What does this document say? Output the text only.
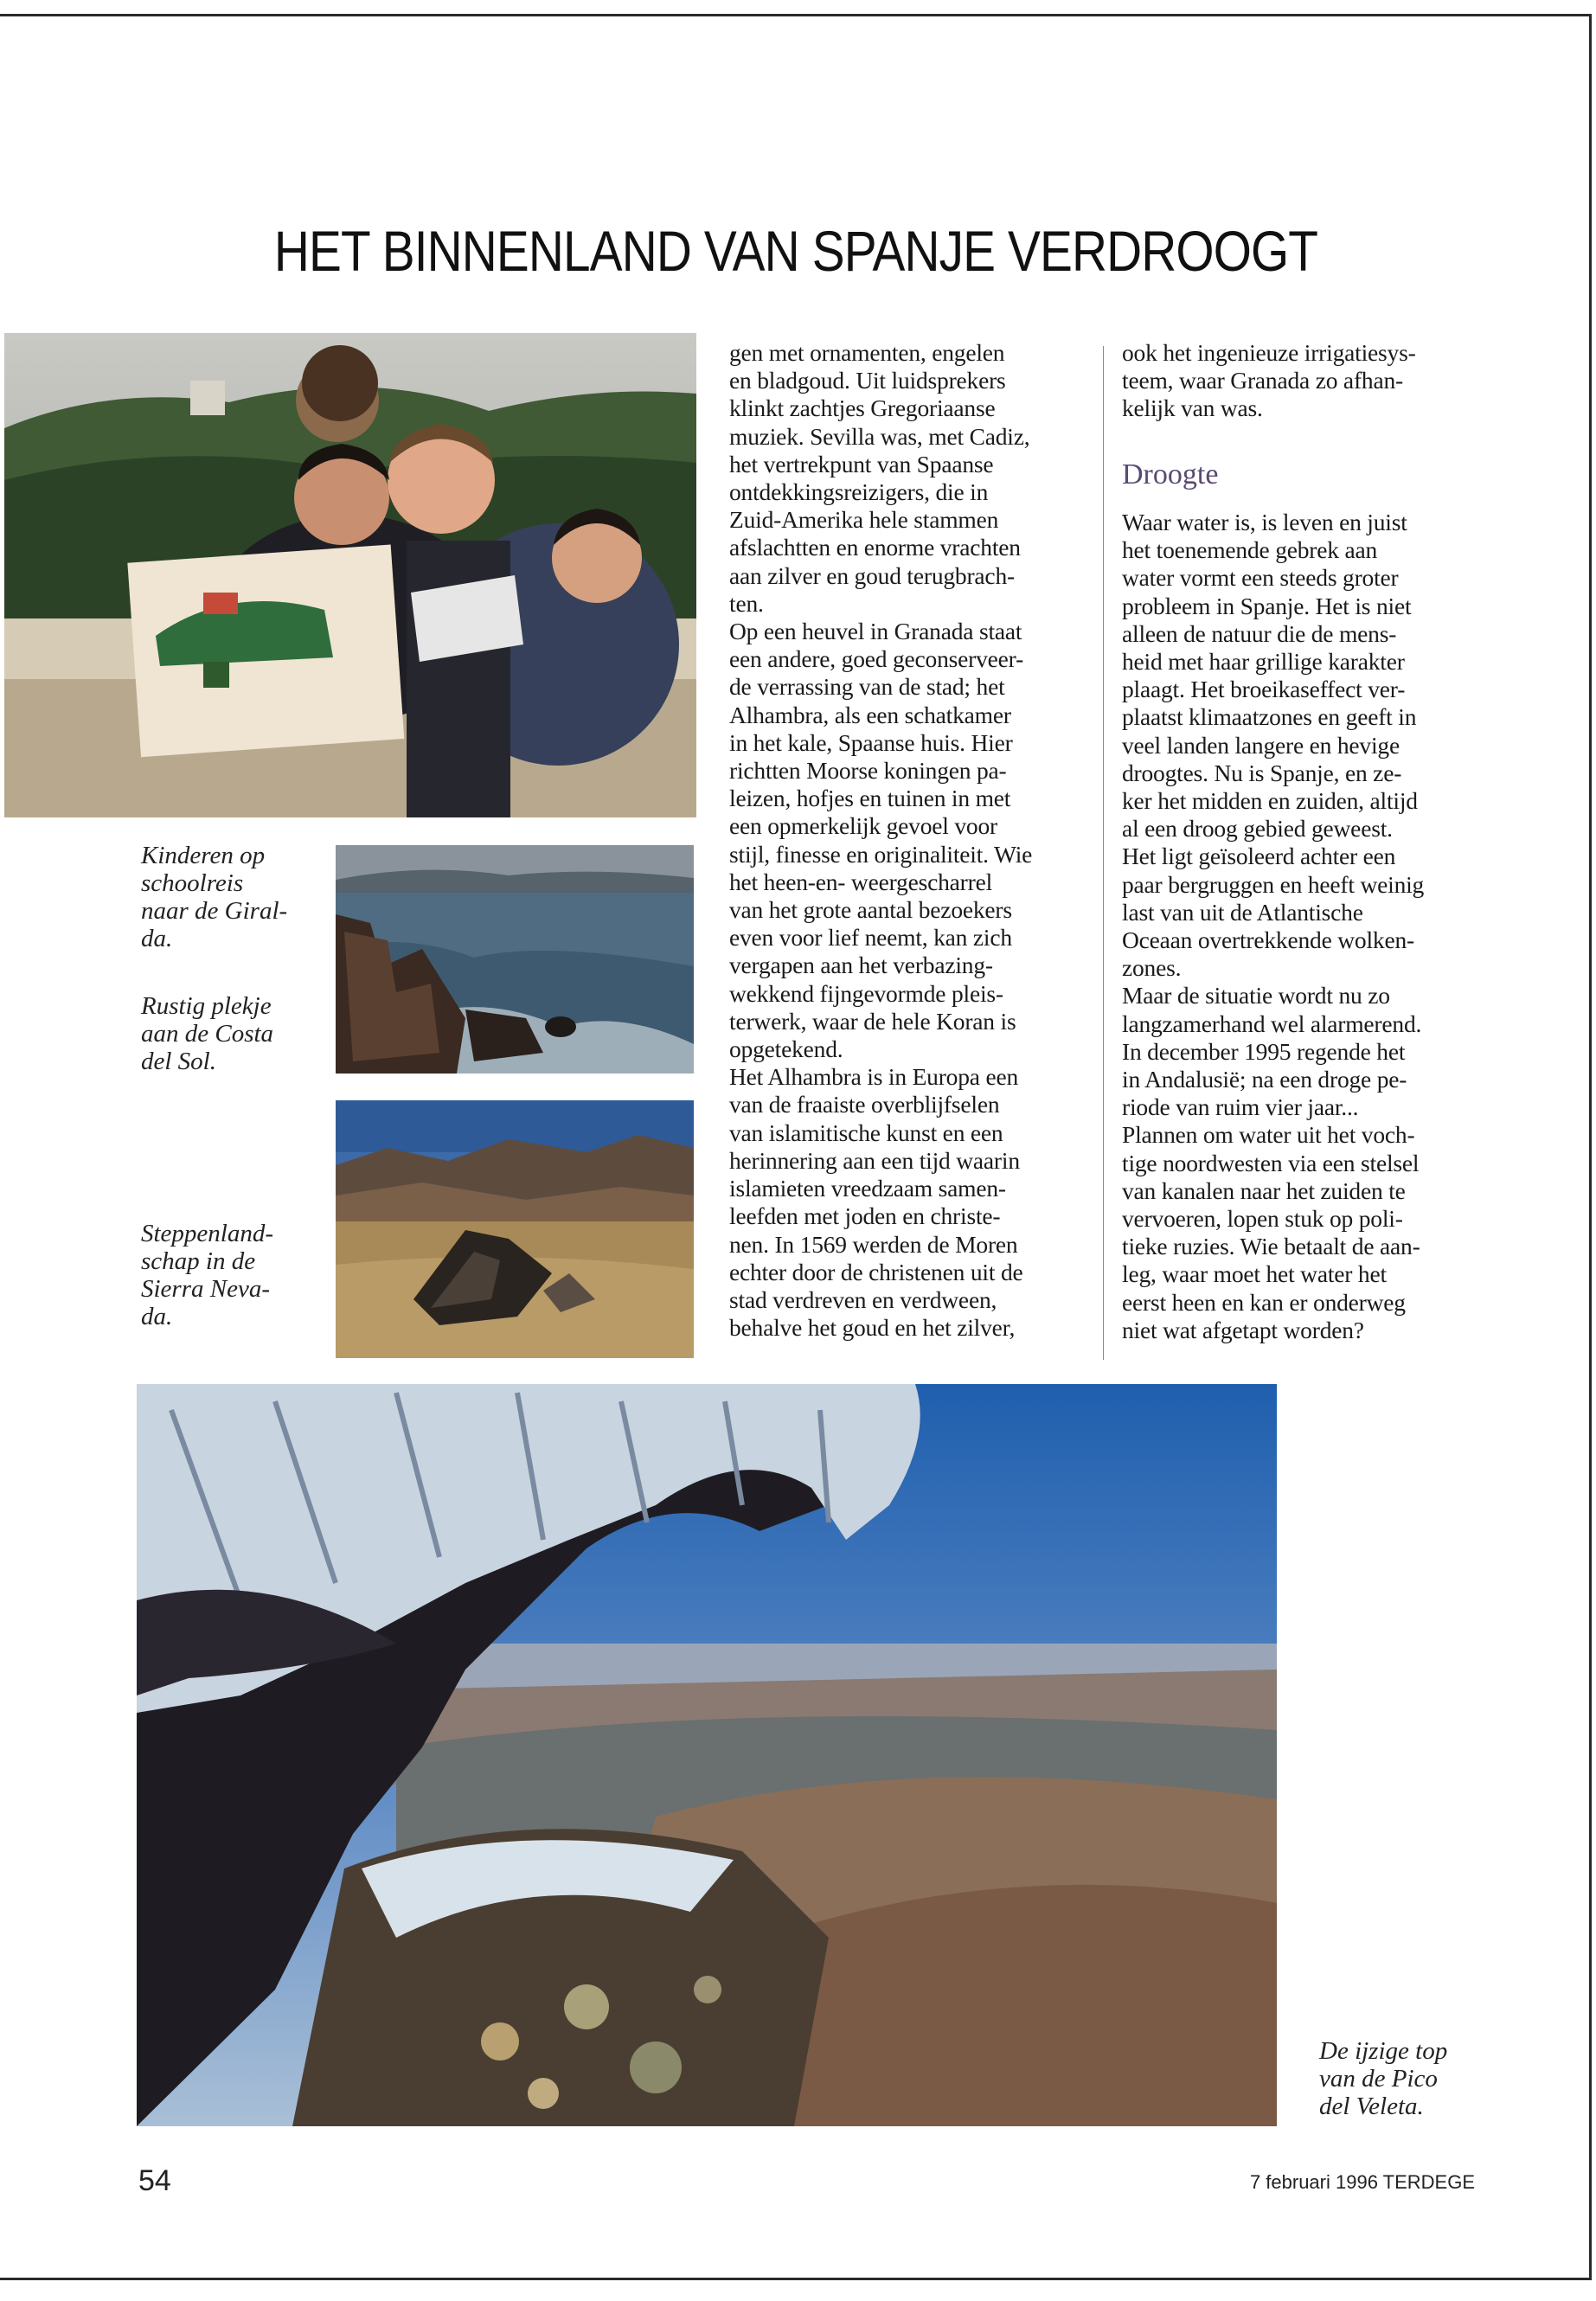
HET BINNENLAND VAN SPANJE VERDROOGT
Kinderen op
schoolreis
naar de Giral-
da.
Rustig plekje
aan de Costa
del Sol.
Steppenland-
schap in de
Sierra Neva-
da.
De ijzige top
van de Pico
del Veleta.
gen met ornamenten, engelen
en bladgoud. Uit luidsprekers
klinkt zachtjes Gregoriaanse
muziek. Sevilla was, met Cadiz,
het vertrekpunt van Spaanse
ontdekkingsreizigers, die in
Zuid-Amerika hele stammen
afslachtten en enorme vrachten
aan zilver en goud terugbrach-
ten.
Op een heuvel in Granada staat
een andere, goed geconserveer-
de verrassing van de stad; het
Alhambra, als een schatkamer
in het kale, Spaanse huis. Hier
richtten Moorse koningen pa-
leizen, hofjes en tuinen in met
een opmerkelijk gevoel voor
stijl, finesse en originaliteit. Wie
het heen-en- weergescharrel
van het grote aantal bezoekers
even voor lief neemt, kan zich
vergapen aan het verbazing-
wekkend fijngevormde pleis-
terwerk, waar de hele Koran is
opgetekend.
Het Alhambra is in Europa een
van de fraaiste overblijfselen
van islamitische kunst en een
herinnering aan een tijd waarin
islamieten vreedzaam samen-
leefden met joden en christe-
nen. In 1569 werden de Moren
echter door de christenen uit de
stad verdreven en verdween,
behalve het goud en het zilver,
ook het ingenieuze irrigatiesys-
teem, waar Granada zo afhan-
kelijk van was.
Droogte
Waar water is, is leven en juist
het toenemende gebrek aan
water vormt een steeds groter
probleem in Spanje. Het is niet
alleen de natuur die de mens-
heid met haar grillige karakter
plaagt. Het broeikaseffect ver-
plaatst klimaatzones en geeft in
veel landen langere en hevige
droogtes. Nu is Spanje, en ze-
ker het midden en zuiden, altijd
al een droog gebied geweest.
Het ligt geïsoleerd achter een
paar bergruggen en heeft weinig
last van uit de Atlantische
Oceaan overtrekkende wolken-
zones.
Maar de situatie wordt nu zo
langzamerhand wel alarmerend.
In december 1995 regende het
in Andalusië; na een droge pe-
riode van ruim vier jaar...
Plannen om water uit het voch-
tige noordwesten via een stelsel
van kanalen naar het zuiden te
vervoeren, lopen stuk op poli-
tieke ruzies. Wie betaalt de aan-
leg, waar moet het water het
eerst heen en kan er onderweg
niet wat afgetapt worden?
54	7 februari 1996 TERDEGE
